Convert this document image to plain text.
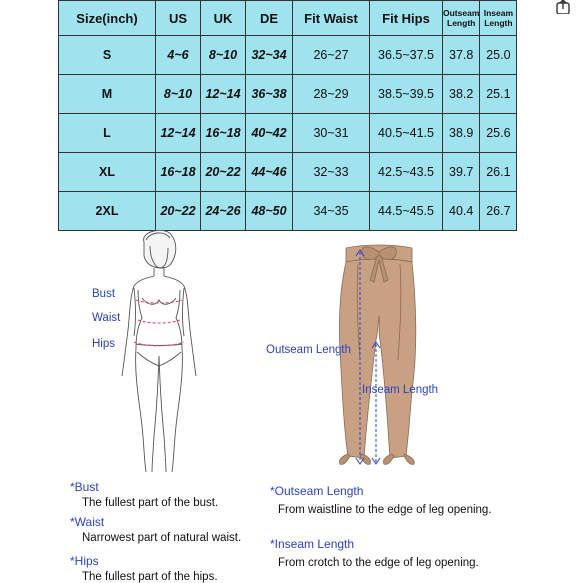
Size(inch)	US	UK	DE	Fit Waist	Fit Hips	Outseam Length	Inseam Length
S	4~6	8~10	32~34	26~27	36.5~37.5	37.8	25.0
M	8~10	12~14	36~38	28~29	38.5~39.5	38.2	25.1
L	12~14	16~18	40~42	30~31	40.5~41.5	38.9	25.6
XL	16~18	20~22	44~46	32~33	42.5~43.5	39.7	26.1
2XL	20~22	24~26	48~50	34~35	44.5~45.5	40.4	26.7
Bust
Waist
Hips	Outseam Length
Inseam Length
*Bust
The fullest part of the bust.
*Waist
Narrowest part of natural waist.
*Hips
The fullest part of the hips.
*Outseam Length
From waistline to the edge of leg opening.
*Inseam Length
From crotch to the edge of leg opening.
